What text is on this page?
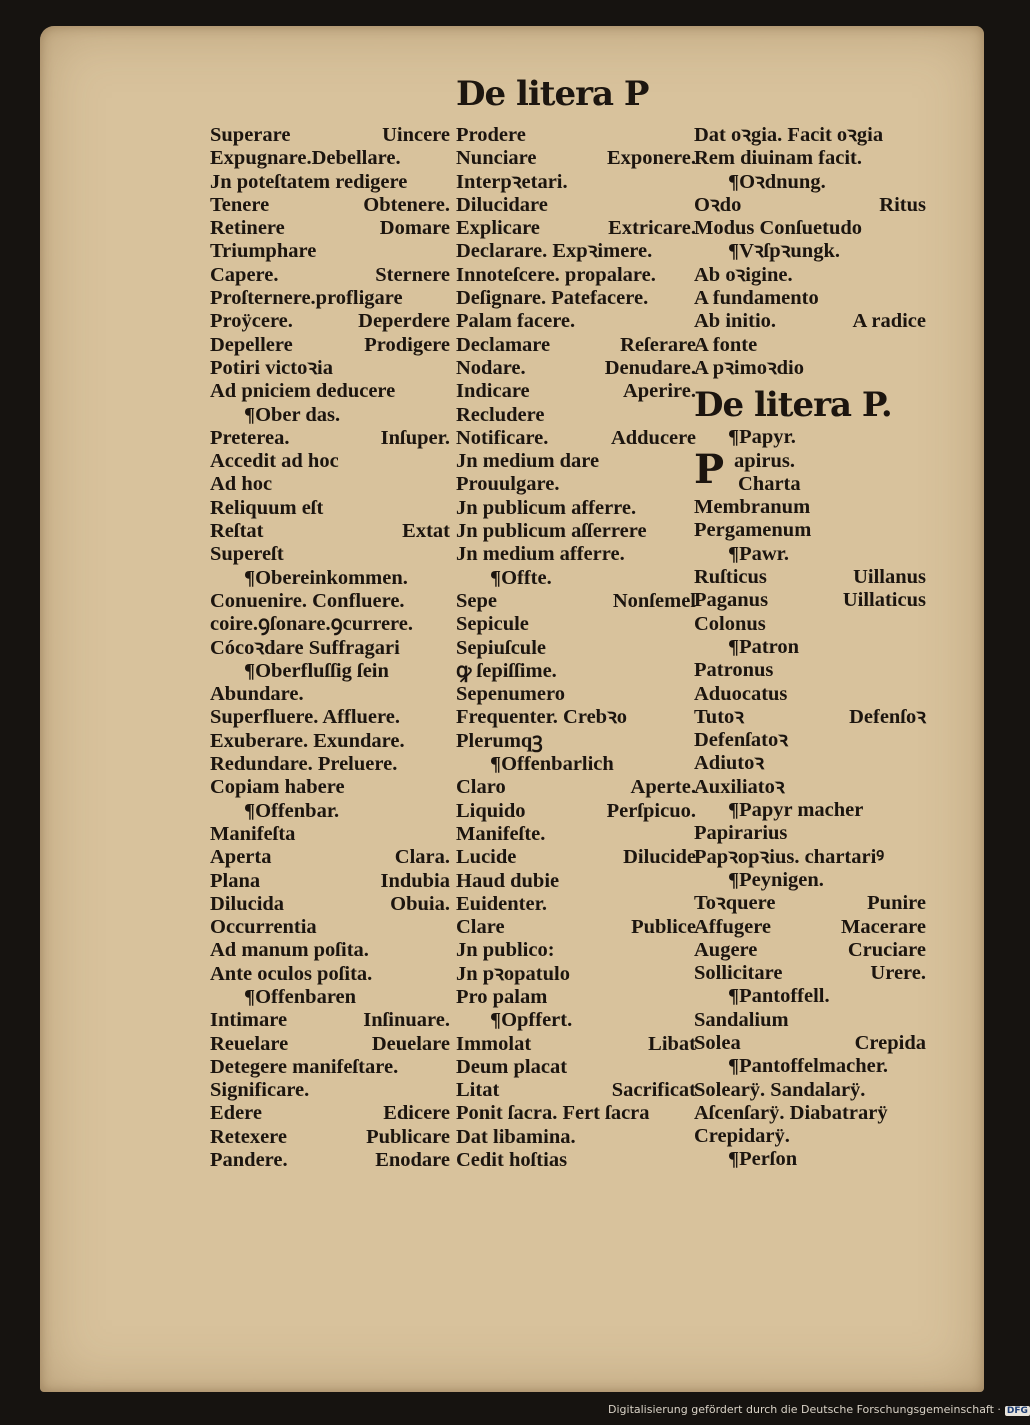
De litera P
Superare	Uincere
Expugnare.Debellare.
Jn poteſtatem redigere
Tenere	Obtenere.
Retinere	Domare
Triumphare
Capere.	Sternere
Proſternere.profligare
Proÿcere.	Deperdere
Depellere	Prodigere
Potiri victoꝛia
Ad pniciem deducere
¶Ober das.
Preterea.	Inſuper.
Accedit ad hoc
Ad hoc
Reliquum eſt
Reſtat	Extat
Supereſt
¶Obereinkommen.
Conuenire. Confluere.
coire.ꝯſonare.ꝯcurrere.
Cócoꝛdare Suffragari
¶Oberfluſſig ſein
Abundare.
Superfluere. Affluere.
Exuberare. Exundare.
Redundare. Preluere.
Copiam habere
¶Offenbar.
Manifeſta
Aperta	Clara.
Plana	Indubia
Dilucida	Obuia.
Occurrentia
Ad manum poſita.
Ante oculos poſita.
¶Offenbaren
Intimare	Inſinuare.
Reuelare	Deuelare
Detegere manifeſtare.
Significare.
Edere	Edicere
Retexere	Publicare
Pandere.	Enodare
Prodere
Nunciare	Exponere.
Interpꝛetari.
Dilucidare
Explicare	Extricare.
Declarare. Expꝛimere.
Innoteſcere. propalare.
Deſignare. Patefacere.
Palam facere.
Declamare	Reſerare
Nodare.	Denudare.
Indicare	Aperire.
Recludere
Notificare.	Adducere
Jn medium dare
Prouulgare.
Jn publicum afferre.
Jn publicum aſſerrere
Jn medium afferre.
¶Offte.
Sepe	Nonſemel
Sepicule
Sepiuſcule
ꝙ ſepiſſime.
Sepenumero
Frequenter. Crebꝛo
Plerumqꝫ
¶Offenbarlich
Claro	Aperte.
Liquido	Perſpicuo.
Manifeſte.
Lucide	Dilucide
Haud dubie
Euidenter.
Clare	Publice
Jn publico:
Jn pꝛopatulo
Pro palam
¶Opffert.
Immolat	Libat
Deum placat
Litat	Sacrificat
Ponit ſacra. Fert ſacra
Dat libamina.
Cedit hoſtias
Dat oꝛgia. Facit oꝛgia
Rem diuinam facit.
¶Oꝛdnung.
Oꝛdo	Ritus
Modus Conſuetudo
¶Vꝛſpꝛungk.
Ab oꝛigine.
A fundamento
Ab initio.	A radice
A fonte
A pꝛimoꝛdio
De litera P.
¶Papyr.
P apirus.
Charta
Membranum
Pergamenum
¶Pawr.
Ruſticus	Uillanus
Paganus	Uillaticus
Colonus
¶Patron
Patronus
Aduocatus
Tutoꝛ	Defenſoꝛ
Defenſatoꝛ
Adiutoꝛ
Auxiliatoꝛ
¶Papyr macher
Papirarius
Papꝛopꝛius. chartariꝰ
¶Peynigen.
Toꝛquere	Punire
Affugere	Macerare
Augere	Cruciare
Sollicitare	Urere.
¶Pantoffell.
Sandalium
Solea	Crepida
¶Pantoffelmacher.
Solearÿ. Sandalarÿ.
Aſcenſarÿ. Diabatrarÿ
Crepidarÿ.
¶Perſon
Digitalisierung gefördert durch die Deutsche Forschungsgemeinschaft · DFG
